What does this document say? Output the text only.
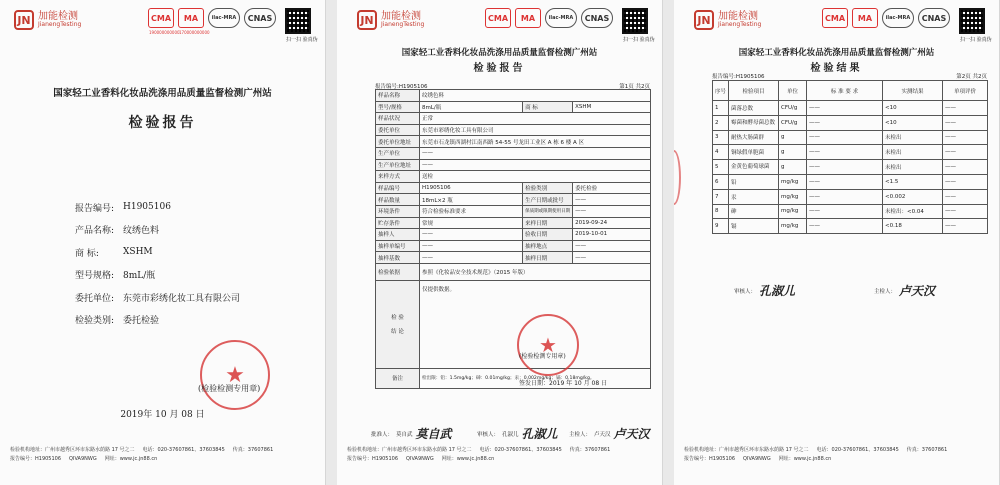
JN 加能检测
JianengTesting
CMA
190000000000
MA
170000000000
ilac-MRA	CNAS
扫一扫 验真伪
国家轻工业香料化妆品洗涤用品质量监督检测广州站
检验报告
报告编号: H1905106
产品名称: 纹绣色料
商 标:	XSHM
型号规格: 8mL/瓶
委托单位: 东莞市彩绣化妆工具有限公司
检验类别: 委托检验
★
(检验检测专用章)
2019年 10 月 08 日
检验机构地址：广州市越秀区环市东路水荫路 17 号之二 电话：020-37607861、37603845 传真：37607861
报告编号：H1905106 QIVA9NWG 网址：www.jc.jn88.cn
JN 加能检测
JianengTesting
CMA MA	ilac-MRA	CNAS
扫一扫 验真伪
国家轻工业香料化妆品洗涤用品质量监督检测广州站
检验报告
报告编号:H1905106	第1页 共2页
样品名称	纹绣色料		
型号/规格	8mL/瓶	商 标	XSHM
样品状况	正常		
委托单位	东莞市彩绣化妆工具有限公司		
委托单位地址	东莞市石龙镇西湖村江南西路 54-55 号龙田工业区 A 栋 6 楼 A 区		
生产单位	——		
生产单位地址	——		
来样方式	送检		
样品编号	H1905106	检验类别	委托检验
样品数量	18mL×2 瓶	生产日期或批号	——
环境条件	符合检验标准要求	保质期或限期使用日期	——
贮存条件	常规	来样日期	2019-09-24
抽样人	——	验收日期	2019-10-01
抽样单编号	——	抽样地点	——
抽样基数	——	抽样日期	——
检验依据	参照《化妆品安全技术规范》（2015 年版）		
检 验

结 论	仅提供数据。		
备注	检出限：铅：1.5mg/kg；砷：0.01mg/kg；汞：0.002mg/kg；镉：0.18mg/kg。		
★
(检验检测专用章)
签发日期：2019 年 10 月 08 日
批准人： 莫自武 莫自武	审核人： 孔淑儿 孔淑儿 主检人： 卢天汉 卢天汉
检验机构地址：广州市越秀区环市东路水荫路 17 号之二 电话：020-37607861、37603845 传真：37607861
报告编号：H1905106 QIVA9NWG 网址：www.jc.jn88.cn
JN 加能检测
JianengTesting
CMA MA	ilac-MRA	CNAS
扫一扫 验真伪
国家轻工业香料化妆品洗涤用品质量监督检测广州站
检验结果
报告编号:H1905106	第2页 共2页
序号	检验项目	单位	标 准 要 求	实测结果	单项评价
1	菌落总数	CFU/g	——	<10	——
2	霉菌和酵母菌总数	CFU/g	——	<10	——
3	耐热大肠菌群	g	——	未检出	——
4	铜绿假单胞菌	g	——	未检出	——
5	金黄色葡萄球菌	g	——	未检出	——
6	铅	mg/kg	——	<1.5	——
7	汞	mg/kg	——	<0.002	——
8	砷	mg/kg	——	未检出：<0.04	——
9	镉	mg/kg	——	<0.18	——
审核人： 孔淑儿	主检人： 卢天汉
检验机构地址：广州市越秀区环市东路水荫路 17 号之二 电话：020-37607861、37603845 传真：37607861
报告编号：H1905106 QIVA9NWG 网址：www.jc.jn88.cn
